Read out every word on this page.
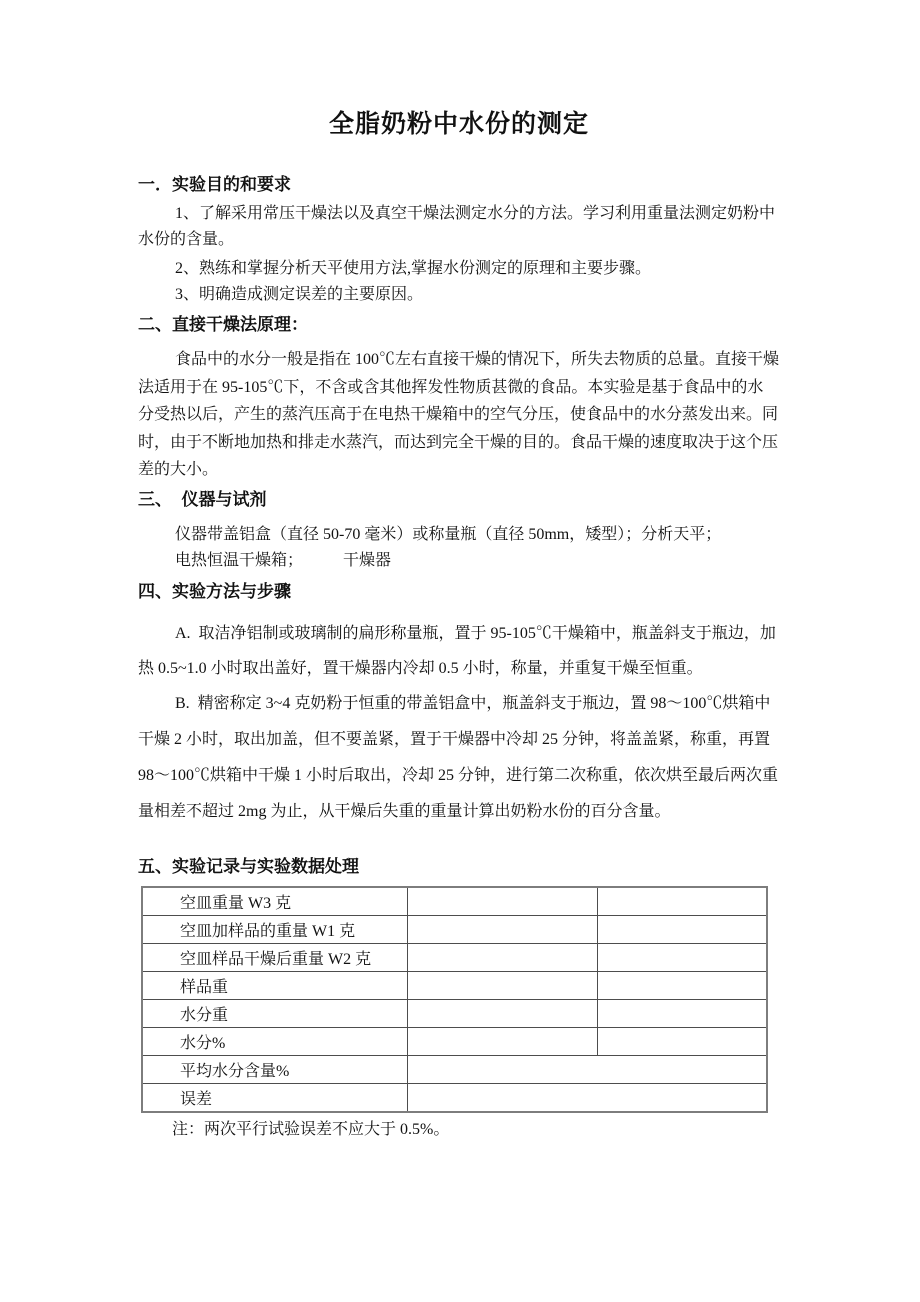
全脂奶粉中水份的测定
一．实验目的和要求
1、了解采用常压干燥法以及真空干燥法测定水分的方法。学习利用重量法测定奶粉中
水份的含量。
2、熟练和掌握分析天平使用方法,掌握水份测定的原理和主要步骤。
3、明确造成测定误差的主要原因。
二、直接干燥法原理：
食品中的水分一般是指在 100℃左右直接干燥的情况下，所失去物质的总量。直接干燥
法适用于在 95-105℃下，不含或含其他挥发性物质甚微的食品。本实验是基于食品中的水
分受热以后，产生的蒸汽压高于在电热干燥箱中的空气分压，使食品中的水分蒸发出来。同
时，由于不断地加热和排走水蒸汽，而达到完全干燥的目的。食品干燥的速度取决于这个压
差的大小。
三、  仪器与试剂
仪器带盖铝盒（直径 50-70 毫米）或称量瓶（直径 50mm，矮型）；分析天平；
电热恒温干燥箱；          干燥器
四、实验方法与步骤
A.  取洁净铝制或玻璃制的扁形称量瓶，置于 95-105℃干燥箱中，瓶盖斜支于瓶边，加
热 0.5~1.0 小时取出盖好，置干燥器内冷却 0.5 小时，称量，并重复干燥至恒重。
B.  精密称定 3~4 克奶粉于恒重的带盖铝盒中，瓶盖斜支于瓶边，置 98～100℃烘箱中
干燥 2 小时，取出加盖，但不要盖紧，置于干燥器中冷却 25 分钟，将盖盖紧，称重，再置
98～100℃烘箱中干燥 1 小时后取出，冷却 25 分钟，进行第二次称重，依次烘至最后两次重
量相差不超过 2mg 为止，从干燥后失重的重量计算出奶粉水份的百分含量。
五、实验记录与实验数据处理
空皿重量 W3 克		
空皿加样品的重量 W1 克		
空皿样品干燥后重量 W2 克		
样品重		
水分重		
水分%		
平均水分含量%		
误差		
注：两次平行试验误差不应大于 0.5%。
